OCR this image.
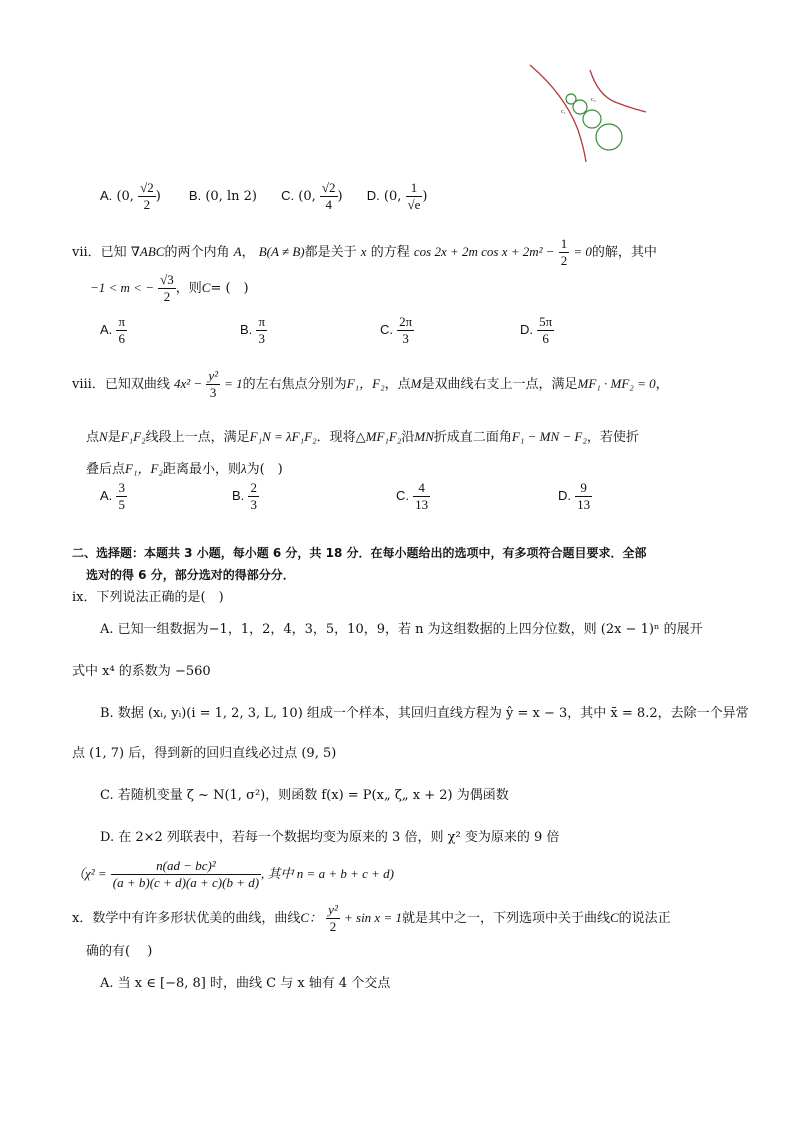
c₁
c₂
A. (0, $\frac{√2}{2}$ ) B. (0, ln 2) C. (0, $\frac{√2}{4}$ ) D. (0, $\frac{1}{√e}$ )
vii．已知 ∇ABC的两个内角 A， B(A ≠ B)都是关于 x 的方程 cos 2x + 2m $\cos x + 2m^2 - \frac{1}{2} = 0$的解，其中
−1 < m < − $\frac{√3}{2}$ ，则C= (　)
A. $\frac{\pi}{6}$	B. $\frac{\pi}{3}$	C. $\frac{2\pi}{3}$	D. $\frac{5\pi}{6}$
viii．已知双曲线 $4x^2 - \frac{\text{y²}}{3} = 1$的左右焦点分别为F₁，F₂，点M是双曲线右支上一点，满足MF₁ · MF₂ = 0，
点N是F₁F₂线段上一点，满足F₁N = λF₁F₂．现将△MF₁F₂沿MN折成直二面角F₁ − MN − F₂，若使折
叠后点F₁，F₂距离最小，则λ为(　)
A. $\frac{3}{5}$	B. $\frac{2}{3}$	C. $\frac{4}{13}$	D. $\frac{9}{13}$
二、选择题：本题共 3 小题，每小题 6 分，共 18 分．在每小题给出的选项中，有多项符合题目要求．全部
选对的得 6 分，部分选对的得部分分．
ix．下列说法正确的是(　)
A. 已知一组数据为−1，1，2，4，3，5，10，9，若 n 为这组数据的上四分位数，则 (2x − 1)ⁿ 的展开
式中 x⁴ 的系数为 −560
B. 数据 (xᵢ, yᵢ)(i = 1, 2, 3, L, 10) 组成一个样本，其回归直线方程为 ŷ = x − 3，其中 x̄ = 8.2，去除一个异常
点 (1, 7) 后，得到新的回归直线必过点 (9, 5)
C. 若随机变量 ζ ~ N(1, σ²)，则函数 f(x) = P(x„ ζ„ x + 2) 为偶函数
D. 在 2×2 列联表中，若每一个数据均变为原来的 3 倍，则 χ² 变为原来的 9 倍
（$\chi^2 = \frac{\text{n(ad − bc)²}}{(a + b)(c + d)(a + c)(b + d)}$ , 其中 n = a + b + c + d)
x．数学中有许多形状优美的曲线，曲线C： $\frac{\text{y²}}{2} + \sin x = 1$就是其中之一，下列选项中关于曲线C的说法正
确的有(　 )
A. 当 x ∈ [−8, 8] 时，曲线 C 与 x 轴有 4 个交点
